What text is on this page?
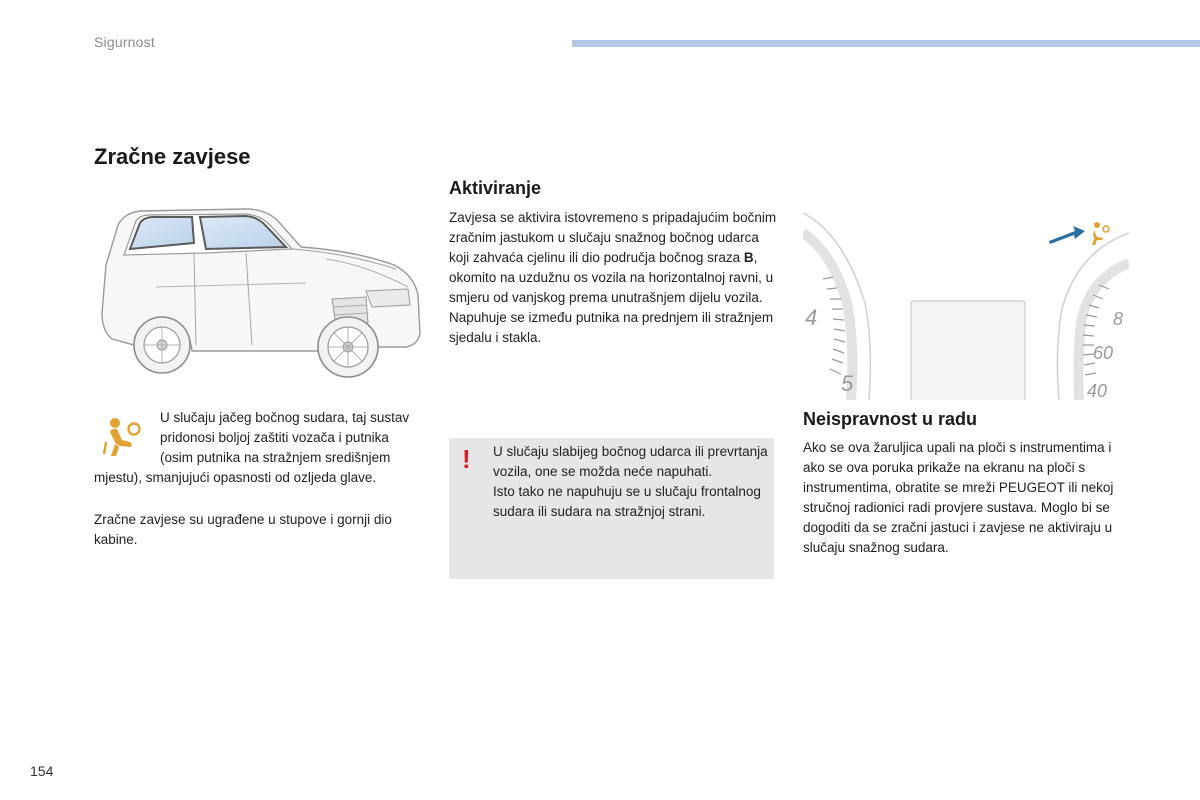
Sigurnost
Zračne zavjese
U slučaju jačeg bočnog sudara, taj sustav pridonosi boljoj zaštiti vozača i putnika (osim putnika na stražnjem središnjem mjestu), smanjujući opasnosti od ozljeda glave.
Zračne zavjese su ugrađene u stupove i gornji dio kabine.
Aktiviranje
Zavjesa se aktivira istovremeno s pripadajućim bočnim zračnim jastukom u slučaju snažnog bočnog udarca koji zahvaća cjelinu ili dio područja bočnog sraza B, okomito na uzdužnu os vozila na horizontalnoj ravni, u smjeru od vanjskog prema unutrašnjem dijelu vozila. Napuhuje se između putnika na prednjem ili stražnjem sjedalu i stakla.
!	U slučaju slabijeg bočnog udarca ili prevrtanja vozila, one se možda neće napuhati.
Isto tako ne napuhuju se u slučaju frontalnog sudara ili sudara na stražnjoj strani.
4
5
8
60
40
Neispravnost u radu
Ako se ova žaruljica upali na ploči s instrumentima i ako se ova poruka prikaže na ekranu na ploči s instrumentima, obratite se mreži PEUGEOT ili nekoj stručnoj radionici radi provjere sustava. Moglo bi se dogoditi da se zračni jastuci i zavjese ne aktiviraju u slučaju snažnog sudara.
154
